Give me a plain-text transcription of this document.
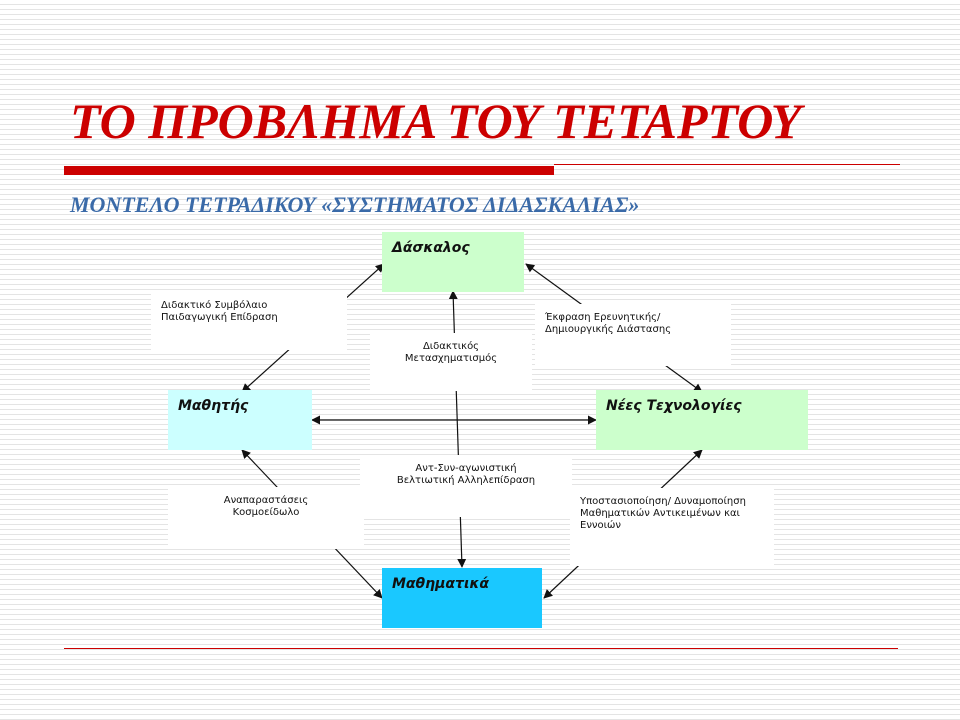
ΤΟ ΠΡΟΒΛΗΜΑ ΤΟΥ ΤΕΤΑΡΤΟΥ
ΜΟΝΤΕΛΟ ΤΕΤΡΑΔΙΚΟΥ «ΣΥΣΤΗΜΑΤΟΣ ΔΙΔΑΣΚΑΛΙΑΣ»
Διδακτικό Συμβόλαιο
Παιδαγωγική Επίδραση
Διδακτικός
Μετασχηματισμός
Έκφραση Ερευνητικής/
Δημιουργικής Διάστασης
Αντ-Συν-αγωνιστική
Βελτιωτική Αλληλεπίδραση
Αναπαραστάσεις
Κοσμοείδωλο
Υποστασιοποίηση/ Δυναμοποίηση
Μαθηματικών Αντικειμένων και
Εννοιών
Δάσκαλος
Μαθητής	Νέες Τεχνολογίες
Μαθηματικά
